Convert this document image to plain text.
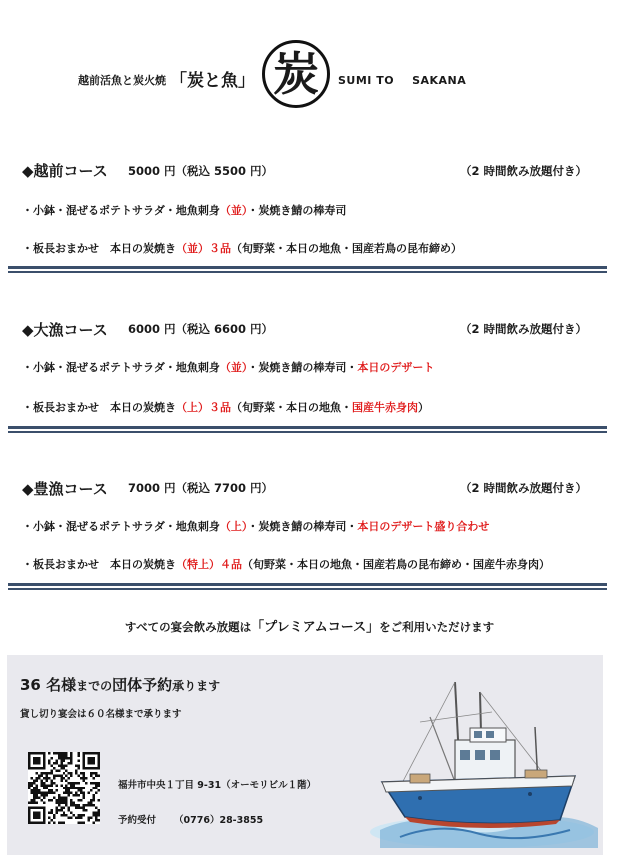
越前活魚と炭火焼 「炭と魚」 炭	SUMI TO SAKANA
◆越前コース 5000 円（税込 5500 円）	（2 時間飲み放題付き）
・小鉢・混ぜるポテトサラダ・地魚刺身（並）・炭焼き鯖の棒寿司
・板長おまかせ　本日の炭焼き（並）３品（旬野菜・本日の地魚・国産若鳥の昆布締め）
◆大漁コース 6000 円（税込 6600 円）	（2 時間飲み放題付き）
・小鉢・混ぜるポテトサラダ・地魚刺身（並）・炭焼き鯖の棒寿司・本日のデザート
・板長おまかせ　本日の炭焼き（上）３品（旬野菜・本日の地魚・国産牛赤身肉）
◆豊漁コース 7000 円（税込 7700 円）	（2 時間飲み放題付き）
・小鉢・混ぜるポテトサラダ・地魚刺身（上）・炭焼き鯖の棒寿司・本日のデザート盛り合わせ
・板長おまかせ　本日の炭焼き（特上）４品（旬野菜・本日の地魚・国産若鳥の昆布締め・国産牛赤身肉）
すべての宴会飲み放題は「プレミアムコース」をご利用いただけます
36 名様までの団体予約承ります
貸し切り宴会は６０名様まで承ります
福井市中央１丁目 9-31（オーモリビル１階）
予約受付 （0776）28-3855
